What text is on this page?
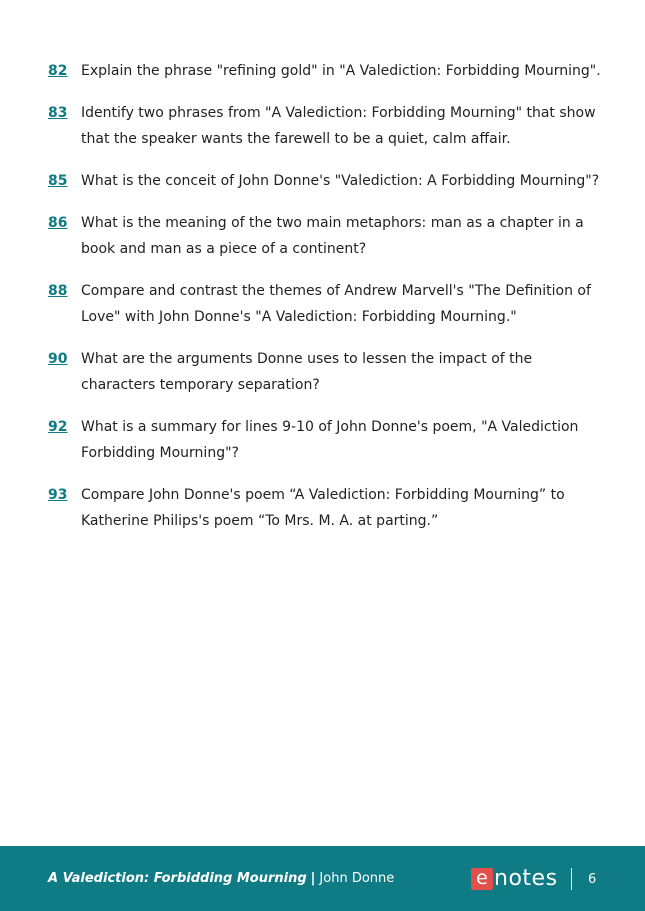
82 Explain the phrase "refining gold" in "A Valediction: Forbidding Mourning".
83 Identify two phrases from "A Valediction: Forbidding Mourning" that show that the speaker wants the farewell to be a quiet, calm affair.
85 What is the conceit of John Donne's "Valediction: A Forbidding Mourning"?
86 What is the meaning of the two main metaphors: man as a chapter in a book and man as a piece of a continent?
88 Compare and contrast the themes of Andrew Marvell's "The Definition of Love" with John Donne's "A Valediction: Forbidding Mourning."
90 What are the arguments Donne uses to lessen the impact of the characters temporary separation?
92 What is a summary for lines 9-10 of John Donne's poem, "A Valediction Forbidding Mourning"?
93 Compare John Donne's poem “A Valediction: Forbidding Mourning” to Katherine Philips's poem “To Mrs. M. A. at parting.”
A Valediction: Forbidding Mourning | John Donne	e notes 6
